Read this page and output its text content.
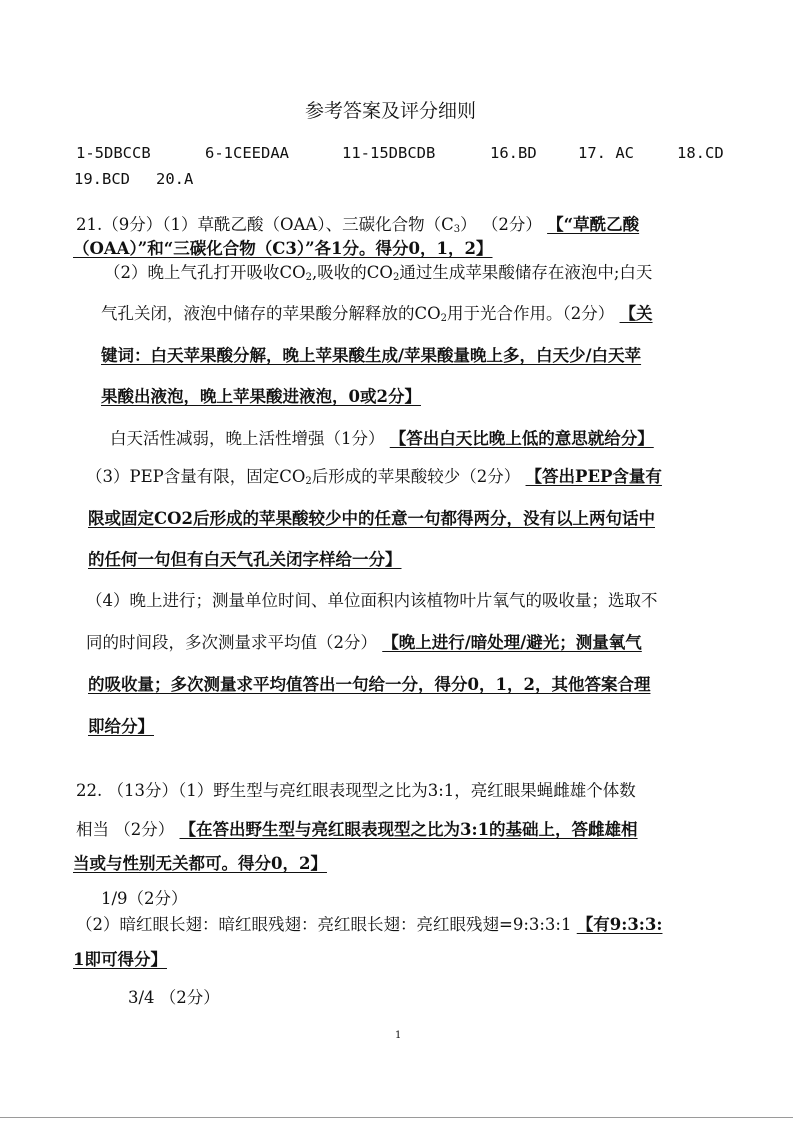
参考答案及评分细则
1-5DBCCB	6-1CEEDAA	11-15DBCDB	16.BD	17. AC	18.CD
19.BCD 20.A
21.（9分）（1）草酰乙酸（OAA）、三碳化合物$(C_3)$ （2分） 【“草酰乙酸
（OAA）”和“三碳化合物（C3）”各1分。得分0，1，2】
（2）晚上气孔打开吸收$CO_2$,吸收的$CO_2$通过生成苹果酸储存在液泡中;白天
气孔关闭，液泡中储存的苹果酸分解释放的$CO_2$用于光合作用。（2分） 【关
键词：白天苹果酸分解，晚上苹果酸生成/苹果酸量晚上多，白天少/白天苹
果酸出液泡，晚上苹果酸进液泡，0或2分】
白天活性减弱，晚上活性增强（1分） 【答出白天比晚上低的意思就给分】
（3）PEP含量有限，固定$CO_2$后形成的苹果酸较少（2分） 【答出PEP含量有
限或固定CO2后形成的苹果酸较少中的任意一句都得两分，没有以上两句话中
的任何一句但有白天气孔关闭字样给一分】
（4）晚上进行；测量单位时间、单位面积内该植物叶片氧气的吸收量；选取不
同的时间段，多次测量求平均值（2分） 【晚上进行/暗处理/避光；测量氧气
的吸收量；多次测量求平均值答出一句给一分，得分0，1，2，其他答案合理
即给分】
22. （13分）（1）野生型与亮红眼表现型之比为3:1，亮红眼果蝇雌雄个体数
相当 （2分） 【在答出野生型与亮红眼表现型之比为3:1的基础上，答雌雄相
当或与性别无关都可。得分0，2】
1/9（2分）
（2）暗红眼长翅：暗红眼残翅：亮红眼长翅：亮红眼残翅=9:3:3:1 【有9:3:3:
1即可得分】
3/4 （2分）
1
